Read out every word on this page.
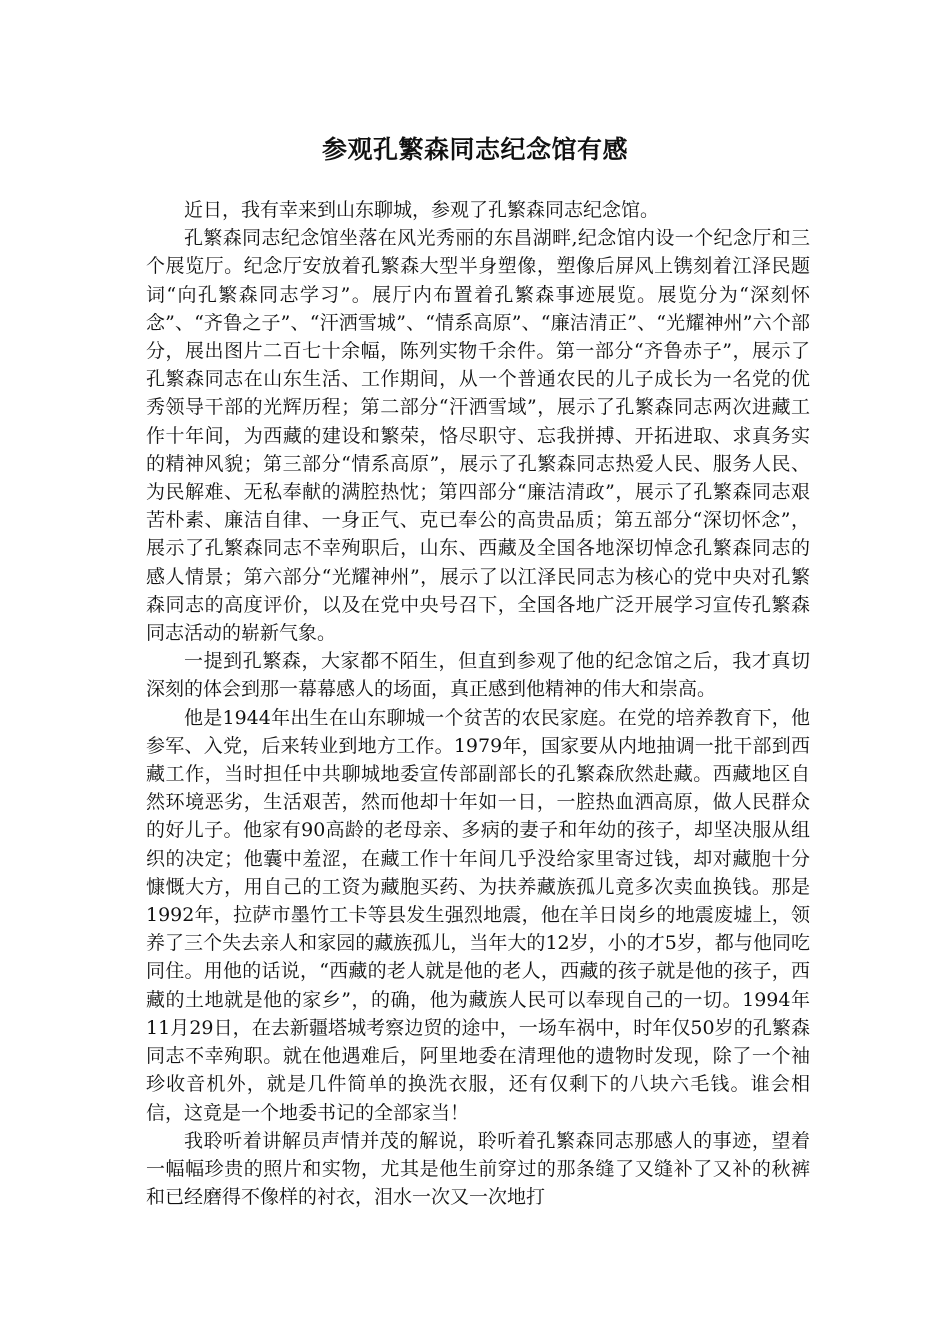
参观孔繁森同志纪念馆有感

近日，我有幸来到山东聊城，参观了孔繁森同志纪念馆。

孔繁森同志纪念馆坐落在风光秀丽的东昌湖畔,纪念馆内设一个纪念厅和三个展览厅。纪念厅安放着孔繁森大型半身塑像，塑像后屏风上镌刻着江泽民题词“向孔繁森同志学习”。展厅内布置着孔繁森事迹展览。展览分为“深刻怀念”、“齐鲁之子”、“汗洒雪城”、“情系高原”、“廉洁清正”、“光耀神州”六个部分，展出图片二百七十余幅，陈列实物千余件。第一部分“齐鲁赤子”，展示了孔繁森同志在山东生活、工作期间，从一个普通农民的儿子成长为一名党的优秀领导干部的光辉历程；第二部分“汗洒雪域”，展示了孔繁森同志两次进藏工作十年间，为西藏的建设和繁荣，恪尽职守、忘我拼搏、开拓进取、求真务实的精神风貌；第三部分“情系高原”，展示了孔繁森同志热爱人民、服务人民、为民解难、无私奉献的满腔热忱；第四部分“廉洁清政”，展示了孔繁森同志艰苦朴素、廉洁自律、一身正气、克已奉公的高贵品质；第五部分“深切怀念”，展示了孔繁森同志不幸殉职后，山东、西藏及全国各地深切悼念孔繁森同志的感人情景；第六部分“光耀神州”，展示了以江泽民同志为核心的党中央对孔繁森同志的高度评价，以及在党中央号召下，全国各地广泛开展学习宣传孔繁森同志活动的崭新气象。

一提到孔繁森，大家都不陌生，但直到参观了他的纪念馆之后，我才真切深刻的体会到那一幕幕感人的场面，真正感到他精神的伟大和崇高。

他是1944年出生在山东聊城一个贫苦的农民家庭。在党的培养教育下，他参军、入党，后来转业到地方工作。1979年，国家要从内地抽调一批干部到西藏工作，当时担任中共聊城地委宣传部副部长的孔繁森欣然赴藏。西藏地区自然环境恶劣，生活艰苦，然而他却十年如一日，一腔热血洒高原，做人民群众的好儿子。他家有90高龄的老母亲、多病的妻子和年幼的孩子，却坚决服从组织的决定；他囊中羞涩，在藏工作十年间几乎没给家里寄过钱，却对藏胞十分慷慨大方，用自己的工资为藏胞买药、为扶养藏族孤儿竟多次卖血换钱。那是1992年，拉萨市墨竹工卡等县发生强烈地震，他在羊日岗乡的地震废墟上，领养了三个失去亲人和家园的藏族孤儿，当年大的12岁，小的才5岁，都与他同吃同住。用他的话说，“西藏的老人就是他的老人，西藏的孩子就是他的孩子，西藏的土地就是他的家乡”，的确，他为藏族人民可以奉现自己的一切。1994年11月29日，在去新疆塔城考察边贸的途中，一场车祸中，时年仅50岁的孔繁森同志不幸殉职。就在他遇难后，阿里地委在清理他的遗物时发现，除了一个袖珍收音机外，就是几件简单的换洗衣服，还有仅剩下的八块六毛钱。谁会相信，这竟是一个地委书记的全部家当！

我聆听着讲解员声情并茂的解说，聆听着孔繁森同志那感人的事迹，望着一幅幅珍贵的照片和实物，尤其是他生前穿过的那条缝了又缝补了又补的秋裤和已经磨得不像样的衬衣，泪水一次又一次地打
